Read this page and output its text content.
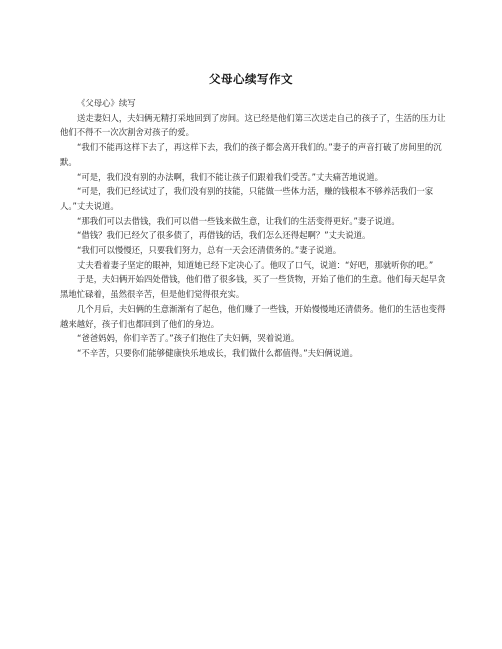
父母心续写作文

《父母心》续写

送走妻妇人，夫妇俩无精打采地回到了房间。这已经是他们第三次送走自己的孩子了，生活的压力让他们不得不一次次割舍对孩子的爱。

“我们不能再这样下去了，再这样下去，我们的孩子都会离开我们的。”妻子的声音打破了房间里的沉默。

“可是，我们没有别的办法啊，我们不能让孩子们跟着我们受苦。”丈夫痛苦地说道。

“可是，我们已经试过了，我们没有别的技能，只能做一些体力活，赚的钱根本不够养活我们一家人。”丈夫说道。

“那我们可以去借钱，我们可以借一些钱来做生意，让我们的生活变得更好。”妻子说道。

“借钱？我们已经欠了很多债了，再借钱的话，我们怎么还得起啊？”丈夫说道。

“我们可以慢慢还，只要我们努力，总有一天会还清债务的。”妻子说道。

丈夫看着妻子坚定的眼神，知道她已经下定决心了。他叹了口气，说道：“好吧，那就听你的吧。”

于是，夫妇俩开始四处借钱，他们借了很多钱，买了一些货物，开始了他们的生意。他们每天起早贪黑地忙碌着，虽然很辛苦，但是他们觉得很充实。

几个月后，夫妇俩的生意渐渐有了起色，他们赚了一些钱，开始慢慢地还清债务。他们的生活也变得越来越好，孩子们也都回到了他们的身边。

“爸爸妈妈，你们辛苦了。”孩子们抱住了夫妇俩，哭着说道。

“不辛苦，只要你们能够健康快乐地成长，我们做什么都值得。”夫妇俩说道。
